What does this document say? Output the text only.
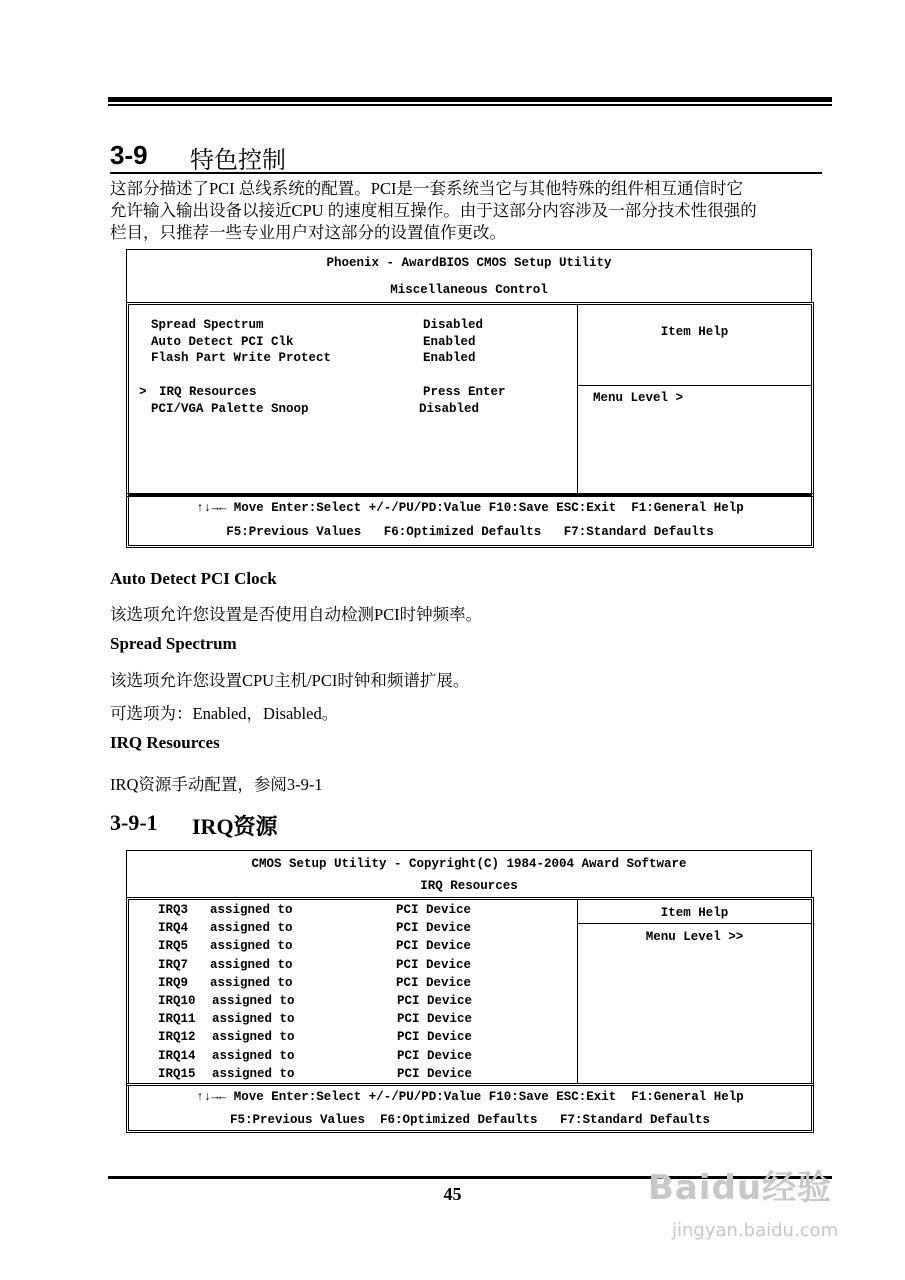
3-9 特色控制
这部分描述了PCI 总线系统的配置。PCI是一套系统当它与其他特殊的组件相互通信时它
允许输入输出设备以接近CPU 的速度相互操作。由于这部分内容涉及一部分技术性很强的
栏目，只推荐一些专业用户对这部分的设置值作更改。
Phoenix - AwardBIOS CMOS Setup Utility
Miscellaneous Control
Spread Spectrum	Disabled
Auto Detect PCI Clk	Enabled
Flash Part Write Protect	Enabled
> IRQ Resources	Press Enter
PCI/VGA Palette Snoop	Disabled
Item Help
Menu Level >
↑↓→← Move Enter:Select +/-/PU/PD:Value F10:Save ESC:Exit  F1:General Help
F5:Previous Values   F6:Optimized Defaults   F7:Standard Defaults
Auto Detect PCI Clock
该选项允许您设置是否使用自动检测PCI时钟频率。
Spread Spectrum
该选项允许您设置CPU主机/PCI时钟和频谱扩展。
可选项为：Enabled，Disabled。
IRQ Resources
IRQ资源手动配置，参阅3-9-1
3-9-1 IRQ资源
CMOS Setup Utility - Copyright(C) 1984-2004 Award Software
IRQ Resources
Item Help
Menu Level >>
IRQ3 assigned to	PCI Device
IRQ4 assigned to	PCI Device
IRQ5 assigned to	PCI Device
IRQ7 assigned to	PCI Device
IRQ9 assigned to	PCI Device
IRQ10 assigned to	PCI Device
IRQ11 assigned to	PCI Device
IRQ12 assigned to	PCI Device
IRQ14 assigned to	PCI Device
IRQ15 assigned to	PCI Device
↑↓→← Move Enter:Select +/-/PU/PD:Value F10:Save ESC:Exit  F1:General Help
F5:Previous Values  F6:Optimized Defaults   F7:Standard Defaults
45	Baidu经验
jingyan.baidu.com
